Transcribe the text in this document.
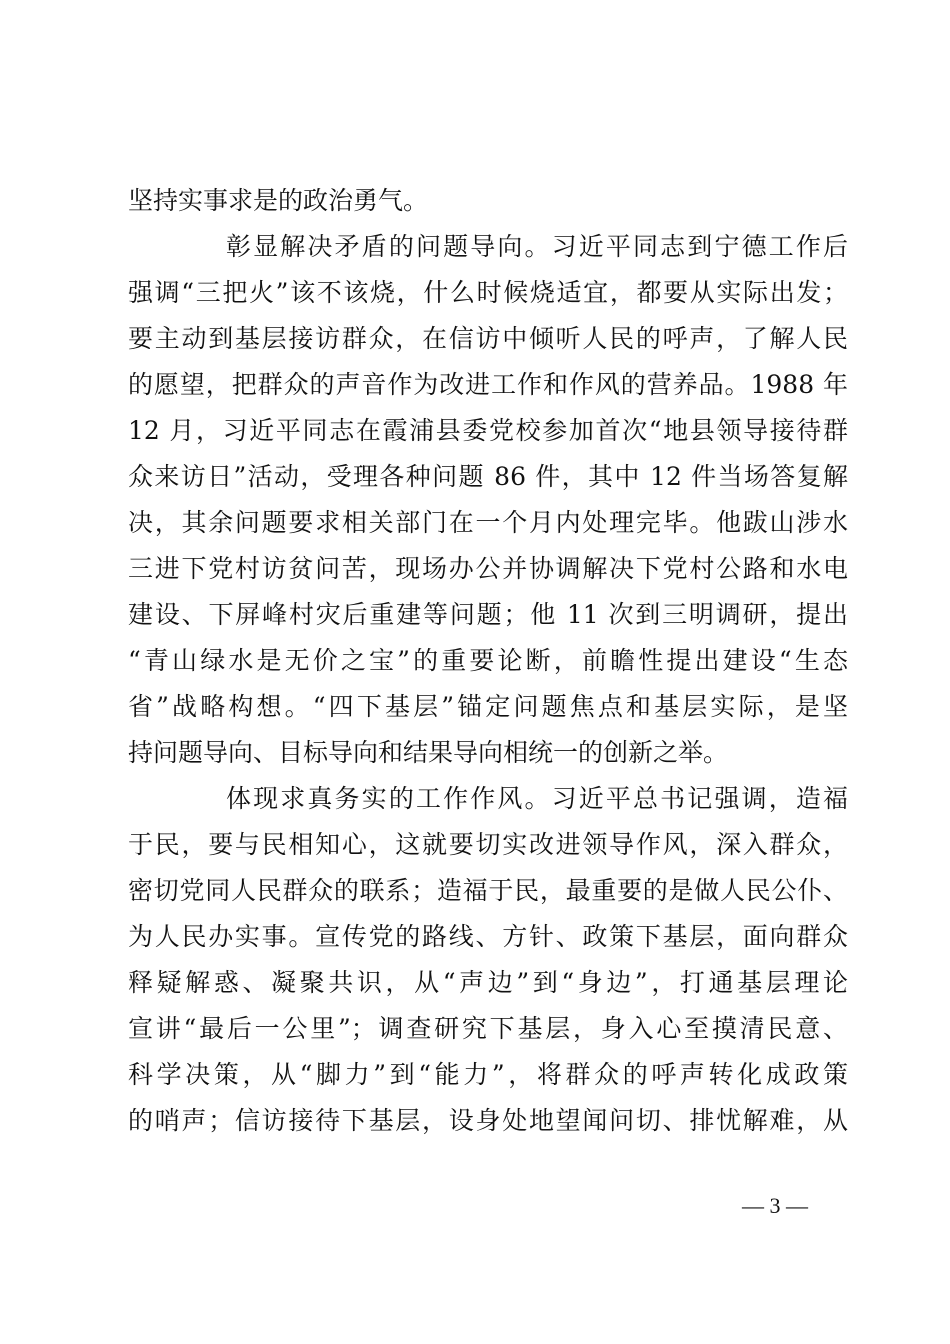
坚持实事求是的政治勇气。
彰显解决矛盾的问题导向。习近平同志到宁德工作后
强调“三把火”该不该烧，什么时候烧适宜，都要从实际出发；
要主动到基层接访群众，在信访中倾听人民的呼声，了解人民
的愿望，把群众的声音作为改进工作和作风的营养品。1988 年
12 月，习近平同志在霞浦县委党校参加首次“地县领导接待群
众来访日”活动，受理各种问题 86 件，其中 12 件当场答复解
决，其余问题要求相关部门在一个月内处理完毕。他跋山涉水
三进下党村访贫问苦，现场办公并协调解决下党村公路和水电
建设、下屏峰村灾后重建等问题；他 11 次到三明调研，提出
“青山绿水是无价之宝”的重要论断，前瞻性提出建设“生态
省”战略构想。“四下基层”锚定问题焦点和基层实际，是坚
持问题导向、目标导向和结果导向相统一的创新之举。
体现求真务实的工作作风。习近平总书记强调，造福
于民，要与民相知心，这就要切实改进领导作风，深入群众，
密切党同人民群众的联系；造福于民，最重要的是做人民公仆、
为人民办实事。宣传党的路线、方针、政策下基层，面向群众
释疑解惑、凝聚共识，从“声边”到“身边”，打通基层理论
宣讲“最后一公里”；调查研究下基层，身入心至摸清民意、
科学决策，从“脚力”到“能力”，将群众的呼声转化成政策
的哨声；信访接待下基层，设身处地望闻问切、排忧解难，从
— 3 —
